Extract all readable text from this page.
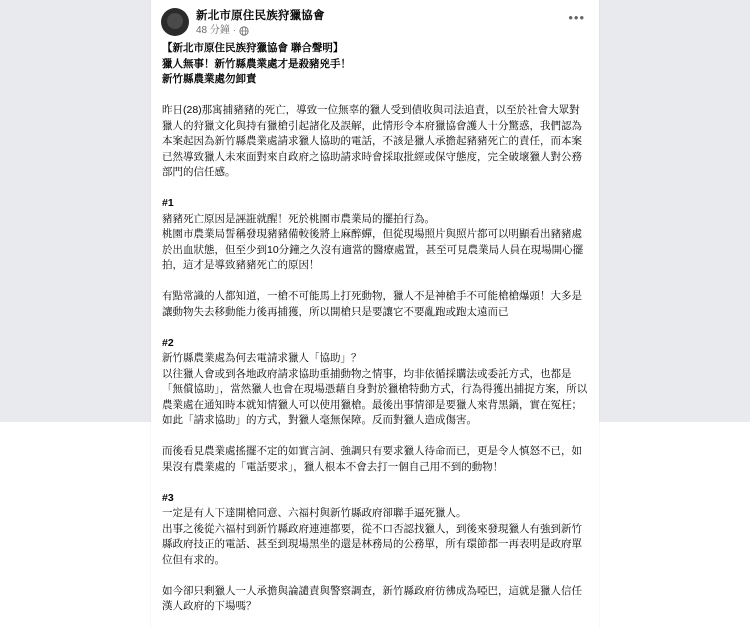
新北市原住民族狩獵協會
48 分鐘 ·
•••

【新北市原住民族狩獵協會 聯合聲明】

獵人無事！新竹縣農業處才是殺豬兇手！

新竹縣農業處勿卸責

昨日(28)那寓捕豬豬的死亡，導致一位無辜的獵人受到債收與司法追責，以至於社會大眾對獵人的狩獵文化與持有獵槍引起諸化及誤解，此情形令本府獵協會護人十分驚惑，我們認為本案起因為新竹縣農業處請求獵人協助的電話，不該是獵人承擔起豬豬死亡的責任，而本案已然導致獵人未來面對來自政府之協助請求時會採取批經或保守態度，完全破壞獵人對公務部門的信任感。

#1

豬豬死亡原因是誣誑就醒！死於桃園市農業局的擺拍行為。

桃園市農業局誓稱發現豬豬備較後將上麻醉蟬，但從現場照片與照片都可以明顯看出豬豬處於出血狀態，但至少到10分鐘之久沒有適當的醫療處置，甚至可見農業局人員在現場開心擺拍，這才是導致豬豬死亡的原因！

有點常識的人都知道，一槍不可能馬上打死動物，獵人不是神槍手不可能槍槍爆頭！大多是讓動物失去移動能力後再捕獲，所以開槍只是要讓它不要亂跑或跑太遠而已

#2

新竹縣農業處為何去電請求獵人「協助」？

以往獵人會或到各地政府請求協助重捕動物之情事，均非依循採購法或委託方式，也都是「無償協助」，當然獵人也會在現場憑藉自身對於獵槍特動方式，行為得獲出捕捉方案，所以農業處在通知時本就知情獵人可以使用獵槍。最後出事情卻是要獵人來背黑鍋，實在冤枉；如此「請求協助」的方式，對獵人毫無保障。反而對獵人造成傷害。

而後看見農業處搖擺不定的如實言詞、強調只有要求獵人待命而已，更是令人慎怒不已，如果沒有農業處的「電話要求」，獵人根本不會去打一個自己用不到的動物！

#3

一定是有人下達開槍同意、六福村與新竹縣政府卻聯手逼死獵人。

出事之後從六福村到新竹縣政府連連都要，從不口否認找獵人，到後來發現獵人有強到新竹縣政府技正的電話、甚至到現場黑坐的還是林務局的公務單，所有環節都一再表明是政府單位但有求的。

如今卻只剩獵人一人承擔與論譴責與警察調查，新竹縣政府彷彿成為啞巴，這就是獵人信任漢人政府的下場嗎？
